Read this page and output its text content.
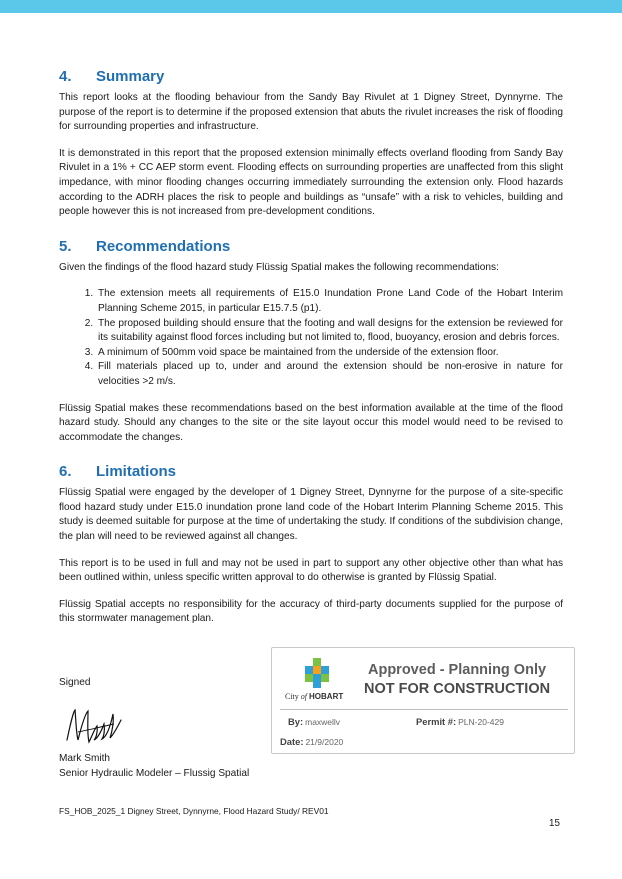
4.	Summary

This report looks at the flooding behaviour from the Sandy Bay Rivulet at 1 Digney Street, Dynnyrne. The purpose of the report is to determine if the proposed extension that abuts the rivulet increases the risk of flooding for surrounding properties and infrastructure.

It is demonstrated in this report that the proposed extension minimally effects overland flooding from Sandy Bay Rivulet in a 1% + CC AEP storm event. Flooding effects on surrounding properties are unaffected from this slight impedance, with minor flooding changes occurring immediately surrounding the extension only. Flood hazards according to the ADRH places the risk to people and buildings as “unsafe” with a risk to vehicles, building and people however this is not increased from pre-development conditions.

5.	Recommendations

Given the findings of the flood hazard study Flüssig Spatial makes the following recommendations:

1. The extension meets all requirements of E15.0 Inundation Prone Land Code of the Hobart Interim Planning Scheme 2015, in particular E15.7.5 (p1).
2. The proposed building should ensure that the footing and wall designs for the extension be reviewed for its suitability against flood forces including but not limited to, flood, buoyancy, erosion and debris forces.
3. A minimum of 500mm void space be maintained from the underside of the extension floor.
4. Fill materials placed up to, under and around the extension should be non-erosive in nature for velocities >2 m/s.

Flüssig Spatial makes these recommendations based on the best information available at the time of the flood hazard study. Should any changes to the site or the site layout occur this model would need to be revised to accommodate the changes.

6.	Limitations

Flüssig Spatial were engaged by the developer of 1 Digney Street, Dynnyrne for the purpose of a site-specific flood hazard study under E15.0 inundation prone land code of the Hobart Interim Planning Scheme 2015. This study is deemed suitable for purpose at the time of undertaking the study. If conditions of the subdivision change, the plan will need to be reviewed against all changes.

This report is to be used in full and may not be used in part to support any other objective other than what has been outlined within, unless specific written approval to do otherwise is granted by Flüssig Spatial.

Flüssig Spatial accepts no responsibility for the accuracy of third-party documents supplied for the purpose of this stormwater management plan.

Signed
Mark Smith
Senior Hydraulic Modeler – Flussig Spatial
City of HOBART
Approved - Planning Only
NOT FOR CONSTRUCTION
By: maxwellv	Permit #: PLN-20-429
Date: 21/9/2020
FS_HOB_2025_1 Digney Street, Dynnyrne, Flood Hazard Study/ REV01
15
